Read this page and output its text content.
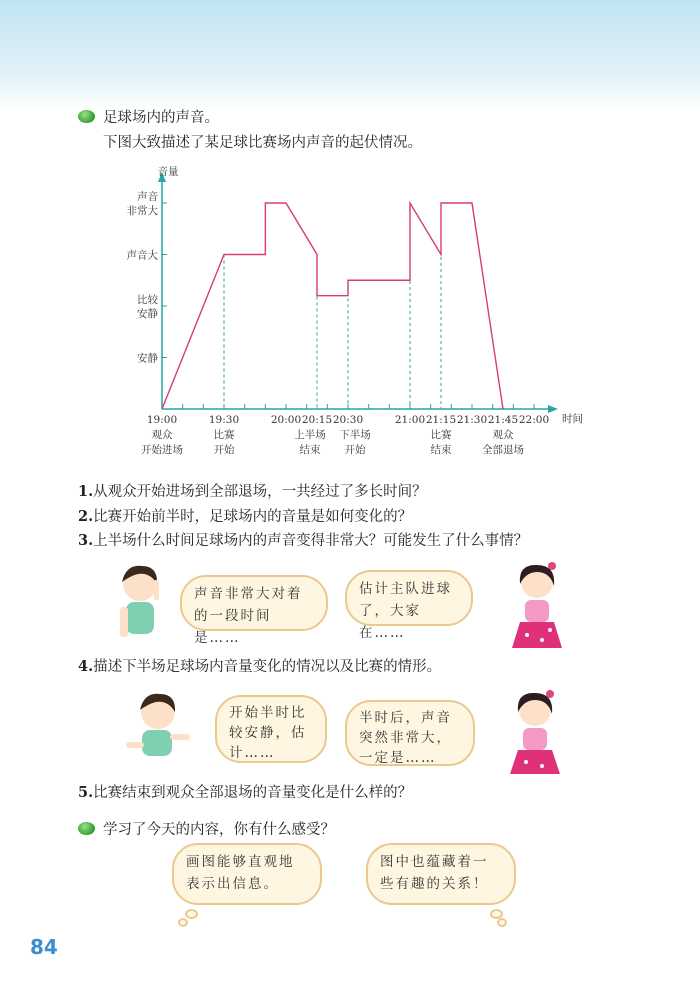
足球场内的声音。
下图大致描述了某足球比赛场内声音的起伏情况。
音量
时间
安静
比较
安静
声音大
声音
非常大
19:00	19:30	20:00 20:15 20:30	21:00 21:15 21:30 21:45 22:00
观众
开始进场
比赛
开始
上半场
结束
下半场
开始
比赛
结束
观众
全部退场
1.从观众开始进场到全部退场，一共经过了多长时间？
2.比赛开始前半时，足球场内的音量是如何变化的？
3.上半场什么时间足球场内的声音变得非常大？可能发生了什么事情？
声音非常大对着的一段时间是……
估计主队进球了，大家在……
4.描述下半场足球场内音量变化的情况以及比赛的情形。
开始半时比较安静，估计……
半时后，声音突然非常大，一定是……
5.比赛结束到观众全部退场的音量变化是什么样的？
学习了今天的内容，你有什么感受？
画图能够直观地表示出信息。
图中也蕴藏着一些有趣的关系！
84
